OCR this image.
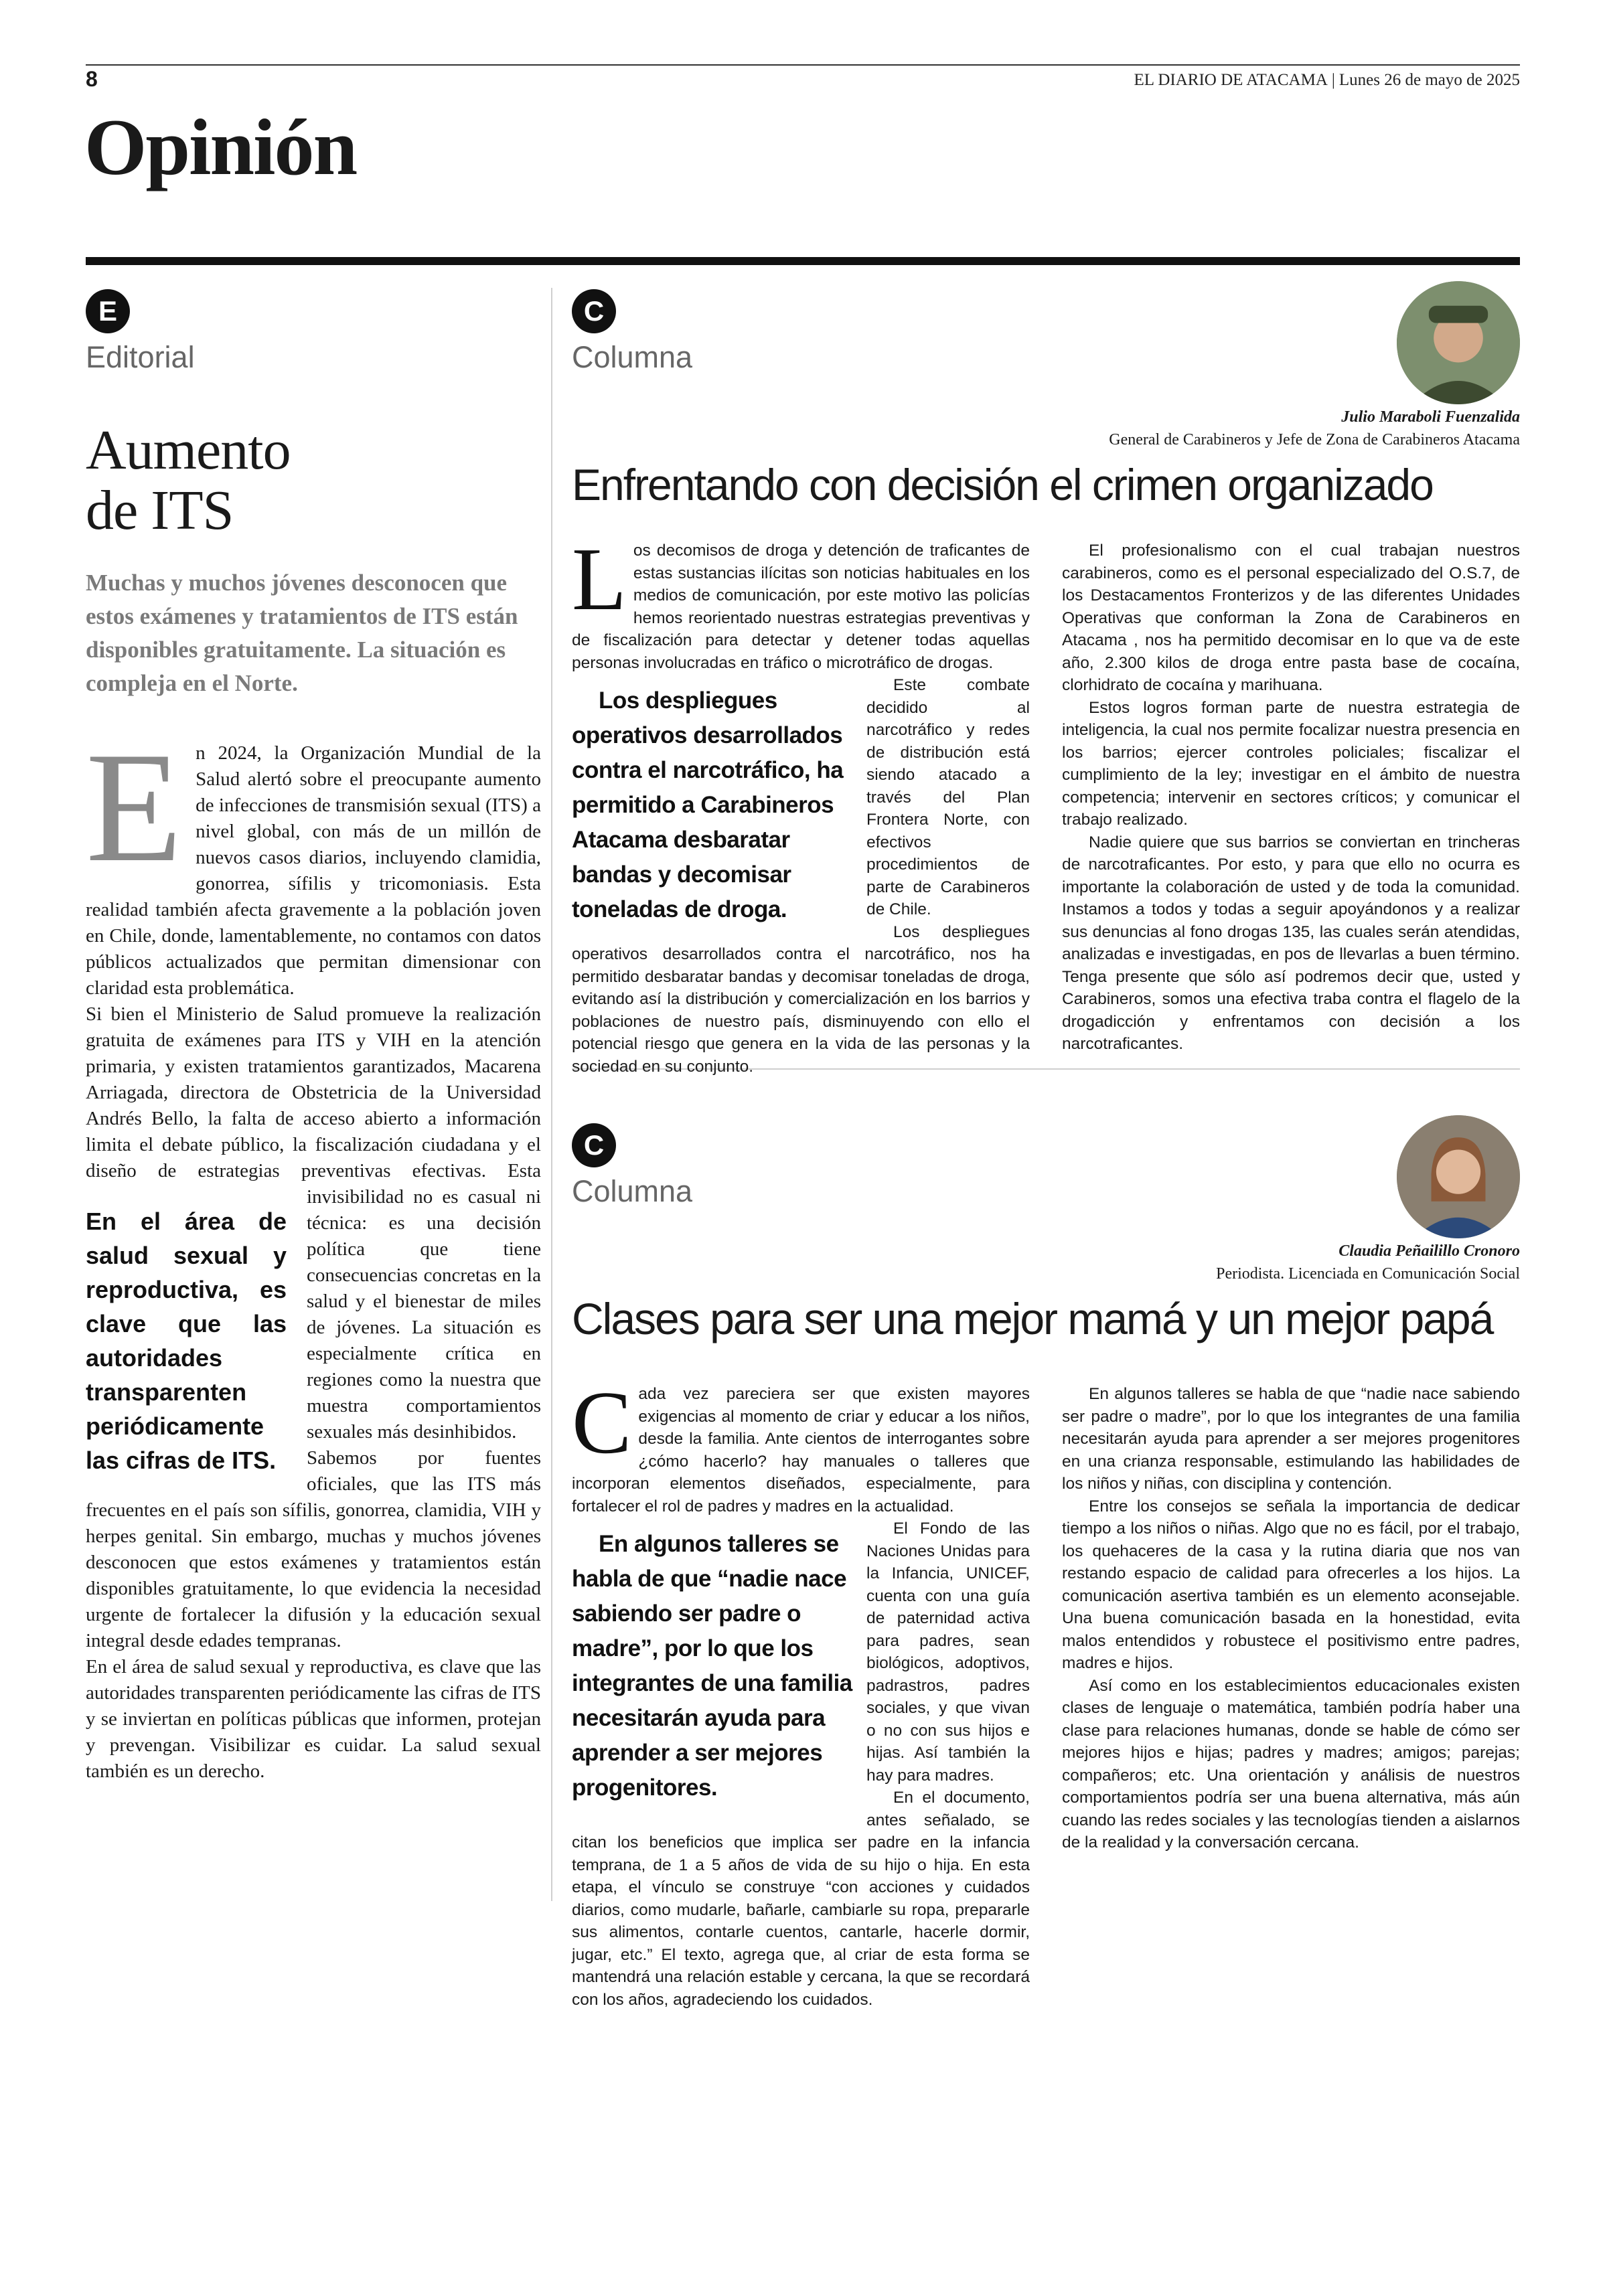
8	EL DIARIO DE ATACAMA | Lunes 26 de mayo de 2025
Opinión
E
Editorial
Aumento
de ITS
Muchas y muchos jóvenes desconocen que estos exámenes y tratamientos de ITS están disponibles gratuitamente. La situación es compleja en el Norte.

En 2024, la Organización Mundial de la Salud alertó sobre el preocupante aumento de infecciones de transmisión sexual (ITS) a nivel global, con más de un millón de nuevos casos diarios, incluyendo clamidia, gonorrea, sífilis y tricomoniasis. Esta realidad también afecta gravemente a la población joven en Chile, donde, lamentablemente, no contamos con datos públicos actualizados que permitan dimensionar con claridad esta problemática.

Si bien el Ministerio de Salud promueve la realización gratuita de exámenes para ITS y VIH en la atención primaria, y existen tratamientos garantizados, Macarena Arriagada, directora de Obstetricia de la Universidad Andrés Bello, la falta de acceso abierto a información limita el debate público, la fiscalización ciudadana y el diseño de estrategias preventivas efectivas.
En el área de salud sexual y reproductiva, es clave que las autoridades transparenten periódicamente las cifras de ITS.
Esta invisibilidad no es casual ni técnica: es una decisión política que tiene consecuencias concretas en la salud y el bienestar de miles de jóvenes. La situación es especialmente crítica en regiones como la nuestra que muestra comportamientos sexuales más desinhibidos.

Sabemos por fuentes oficiales, que las ITS más frecuentes en el país son sífilis, gonorrea, clamidia, VIH y herpes genital. Sin embargo, muchas y muchos jóvenes desconocen que estos exámenes y tratamientos están disponibles gratuitamente, lo que evidencia la necesidad urgente de fortalecer la difusión y la educación sexual integral desde edades tempranas.

En el área de salud sexual y reproductiva, es clave que las autoridades transparenten periódicamente las cifras de ITS y se inviertan en políticas públicas que informen, protejan y prevengan. Visibilizar es cuidar. La salud sexual también es un derecho.

C
Columna
Julio Maraboli Fuenzalida
General de Carabineros y Jefe de Zona de Carabineros Atacama
Enfrentando con decisión el crimen organizado

Los decomisos de droga y detención de traficantes de estas sustancias ilícitas son noticias habituales en los medios de comunicación, por este motivo las policías hemos reorientado nuestras estrategias preventivas y de fiscalización para detectar y detener todas aquellas personas involucradas en tráfico o microtráfico de drogas.

Los despliegues operativos desarrollados contra el narcotráfico, ha permitido a Carabineros Atacama desbaratar bandas y decomisar toneladas de droga.
Este combate decidido al narcotráfico y redes de distribución está siendo atacado a través del Plan Frontera Norte, con efectivos procedimientos de parte de Carabineros de Chile.

Los despliegues operativos desarrollados contra el narcotráfico, nos ha permitido desbaratar bandas y decomisar toneladas de droga, evitando así la distribución y comercialización en los barrios y poblaciones de nuestro país, disminuyendo con ello el potencial riesgo que genera en la vida de las personas y la sociedad en su conjunto.

El profesionalismo con el cual trabajan nuestros carabineros, como es el personal especializado del O.S.7, de los Destacamentos Fronterizos y de las diferentes Unidades Operativas que conforman la Zona de Carabineros en Atacama , nos ha permitido decomisar en lo que va de este año, 2.300 kilos de droga entre pasta base de cocaína, clorhidrato de cocaína y marihuana.

Estos logros forman parte de nuestra estrategia de inteligencia, la cual nos permite focalizar nuestra presencia en los barrios; ejercer controles policiales; fiscalizar el cumplimiento de la ley; investigar en el ámbito de nuestra competencia; intervenir en sectores críticos; y comunicar el trabajo realizado.

Nadie quiere que sus barrios se conviertan en trincheras de narcotraficantes. Por esto, y para que ello no ocurra es importante la colaboración de usted y de toda la comunidad. Instamos a todos y todas a seguir apoyándonos y a realizar sus denuncias al fono drogas 135, las cuales serán atendidas, analizadas e investigadas, en pos de llevarlas a buen término. Tenga presente que sólo así podremos decir que, usted y Carabineros, somos una efectiva traba contra el flagelo de la drogadicción y enfrentamos con decisión a los narcotraficantes.

C
Columna
Claudia Peñailillo Cronoro
Periodista. Licenciada en Comunicación Social
Clases para ser una mejor mamá y un mejor papá

Cada vez pareciera ser que existen mayores exigencias al momento de criar y educar a los niños, desde la familia. Ante cientos de interrogantes sobre ¿cómo hacerlo? hay manuales o talleres que incorporan elementos diseñados, especialmente, para fortalecer el rol de padres y madres en la actualidad.

En algunos talleres se habla de que “nadie nace sabiendo ser padre o madre”, por lo que los integrantes de una familia necesitarán ayuda para aprender a ser mejores progenitores.
El Fondo de las Naciones Unidas para la Infancia, UNICEF, cuenta con una guía de paternidad activa para padres, sean biológicos, adoptivos, padrastros, padres sociales, y que vivan o no con sus hijos e hijas. Así también la hay para madres.

En el documento, antes señalado, se citan los beneficios que implica ser padre en la infancia temprana, de 1 a 5 años de vida de su hijo o hija. En esta etapa, el vínculo se construye “con acciones y cuidados diarios, como mudarle, bañarle, cambiarle su ropa, prepararle sus alimentos, contarle cuentos, cantarle, hacerle dormir, jugar, etc.” El texto, agrega que, al criar de esta forma se mantendrá una relación estable y cercana, la que se recordará con los años, agradeciendo los cuidados.

En algunos talleres se habla de que “nadie nace sabiendo ser padre o madre”, por lo que los integrantes de una familia necesitarán ayuda para aprender a ser mejores progenitores en una crianza responsable, estimulando las habilidades de los niños y niñas, con disciplina y contención.

Entre los consejos se señala la importancia de dedicar tiempo a los niños o niñas. Algo que no es fácil, por el trabajo, los quehaceres de la casa y la rutina diaria que nos van restando espacio de calidad para ofrecerles a los hijos. La comunicación asertiva también es un elemento aconsejable. Una buena comunicación basada en la honestidad, evita malos entendidos y robustece el positivismo entre padres, madres e hijos.

Así como en los establecimientos educacionales existen clases de lenguaje o matemática, también podría haber una clase para relaciones humanas, donde se hable de cómo ser mejores hijos e hijas; padres y madres; amigos; parejas; compañeros; etc. Una orientación y análisis de nuestros comportamientos podría ser una buena alternativa, más aún cuando las redes sociales y las tecnologías tienden a aislarnos de la realidad y la conversación cercana.
